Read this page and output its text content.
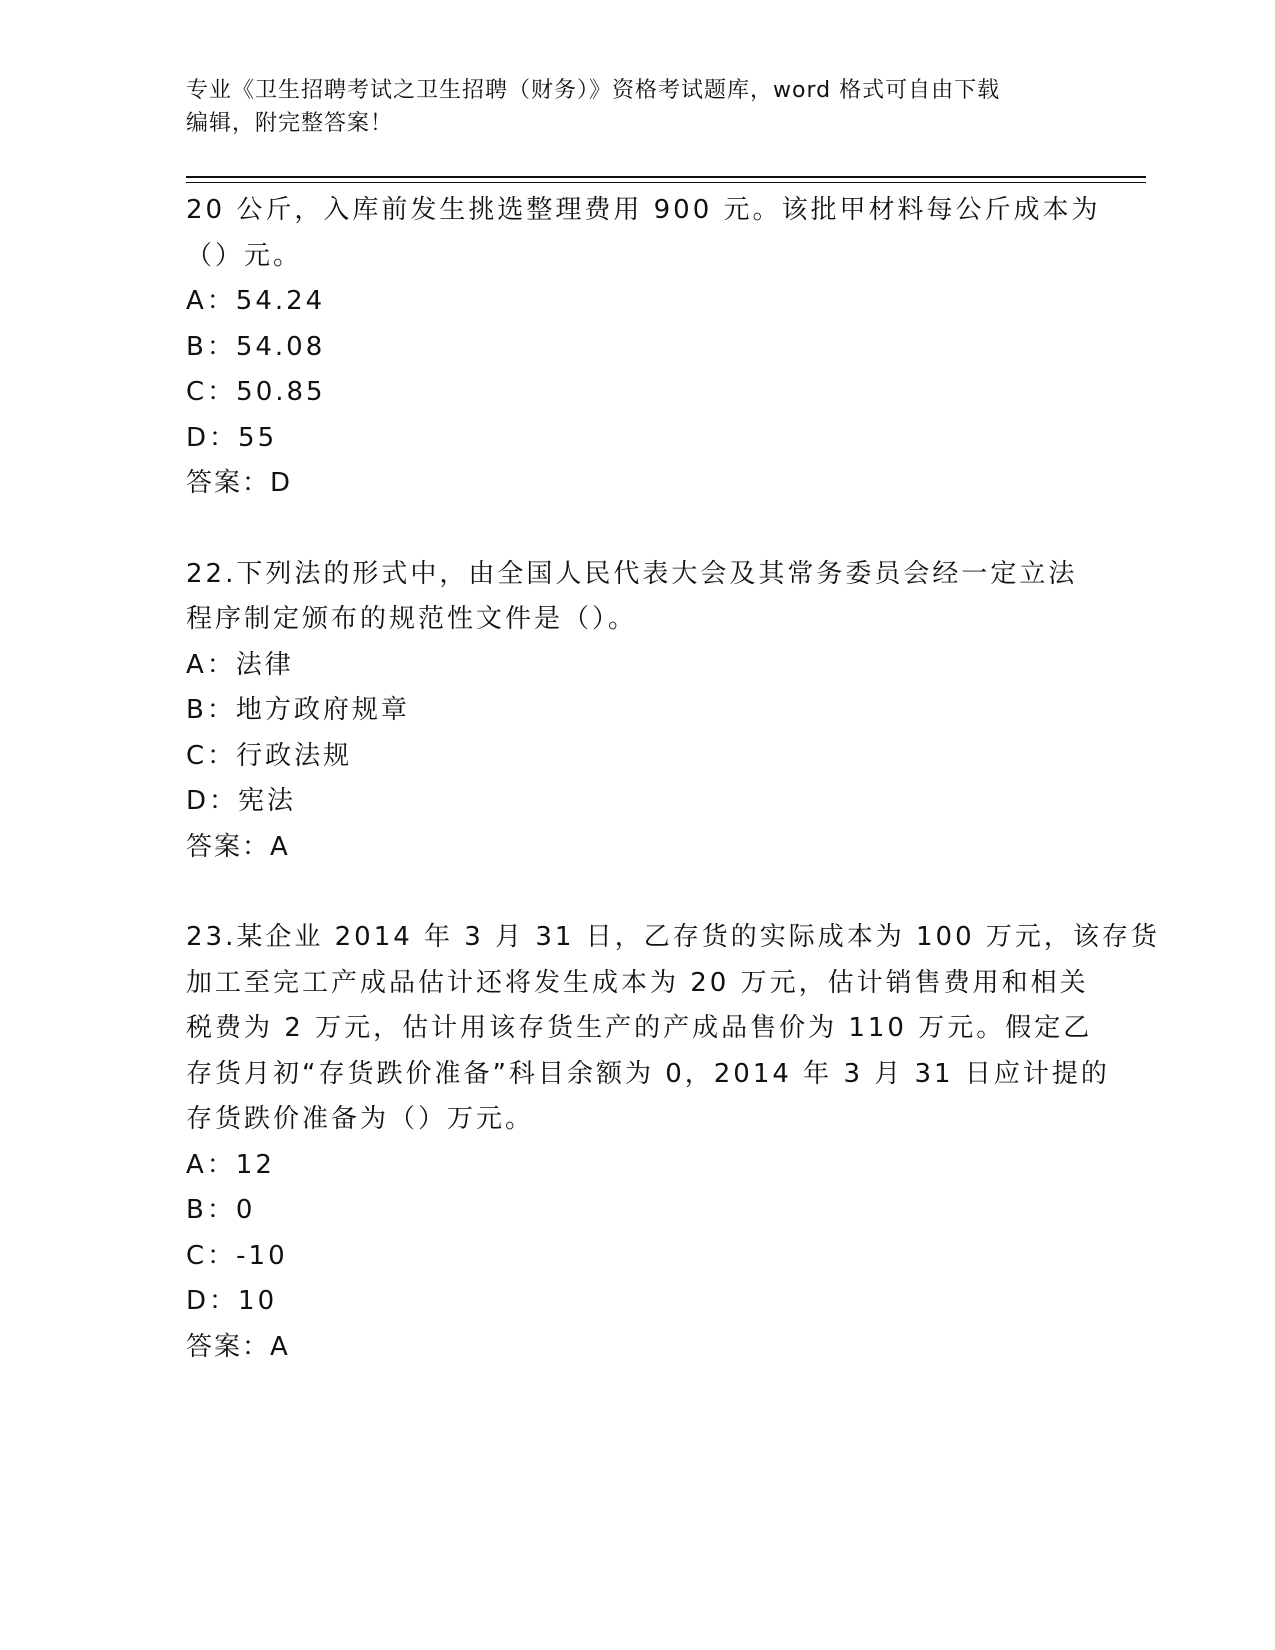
专业《卫生招聘考试之卫生招聘（财务）》资格考试题库，word 格式可自由下载
编辑，附完整答案！
20 公斤，入库前发生挑选整理费用 900 元。该批甲材料每公斤成本为
（）元。
A：54.24
B：54.08
C：50.85
D：55
答案：D
22.下列法的形式中，由全国人民代表大会及其常务委员会经一定立法
程序制定颁布的规范性文件是（）。
A：法律
B：地方政府规章
C：行政法规
D：宪法
答案：A
23.某企业 2014 年 3 月 31 日，乙存货的实际成本为 100 万元，该存货
加工至完工产成品估计还将发生成本为 20 万元，估计销售费用和相关
税费为 2 万元，估计用该存货生产的产成品售价为 110 万元。假定乙
存货月初“存货跌价准备”科目余额为 0，2014 年 3 月 31 日应计提的
存货跌价准备为（）万元。
A：12
B：0
C：-10
D：10
答案：A
